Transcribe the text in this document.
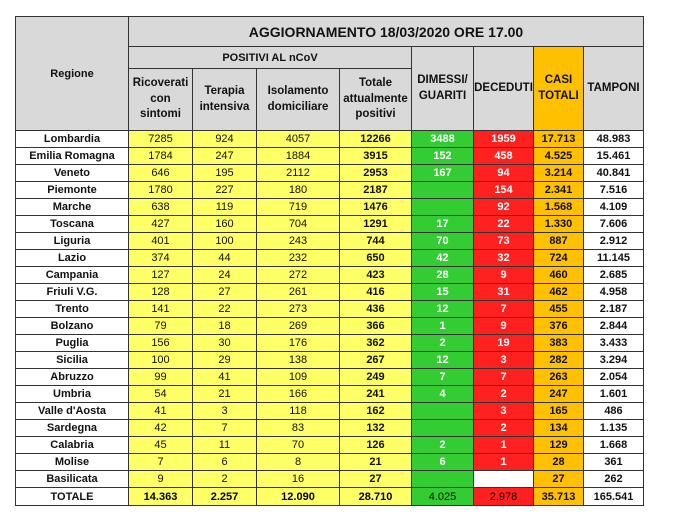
Regione	AGGIORNAMENTO 18/03/2020 ORE 17.00							
	POSITIVI AL nCoV				DIMESSI/ GUARITI	DECEDUTI	CASI TOTALI	TAMPONI
	Ricoverati con sintomi	Terapia intensiva	Isolamento domiciliare	Totale attualmente positivi				
Lombardia	7285	924	4057	12266	3488	1959	17.713	48.983
Emilia Romagna	1784	247	1884	3915	152	458	4.525	15.461
Veneto	646	195	2112	2953	167	94	3.214	40.841
Piemonte	1780	227	180	2187		154	2.341	7.516
Marche	638	119	719	1476		92	1.568	4.109
Toscana	427	160	704	1291	17	22	1.330	7.606
Liguria	401	100	243	744	70	73	887	2.912
Lazio	374	44	232	650	42	32	724	11.145
Campania	127	24	272	423	28	9	460	2.685
Friuli V.G.	128	27	261	416	15	31	462	4.958
Trento	141	22	273	436	12	7	455	2.187
Bolzano	79	18	269	366	1	9	376	2.844
Puglia	156	30	176	362	2	19	383	3.433
Sicilia	100	29	138	267	12	3	282	3.294
Abruzzo	99	41	109	249	7	7	263	2.054
Umbria	54	21	166	241	4	2	247	1.601
Valle d'Aosta	41	3	118	162		3	165	486
Sardegna	42	7	83	132		2	134	1.135
Calabria	45	11	70	126	2	1	129	1.668
Molise	7	6	8	21	6	1	28	361
Basilicata	9	2	16	27			27	262
TOTALE	14.363	2.257	12.090	28.710	4.025	2.978	35.713	165.541
